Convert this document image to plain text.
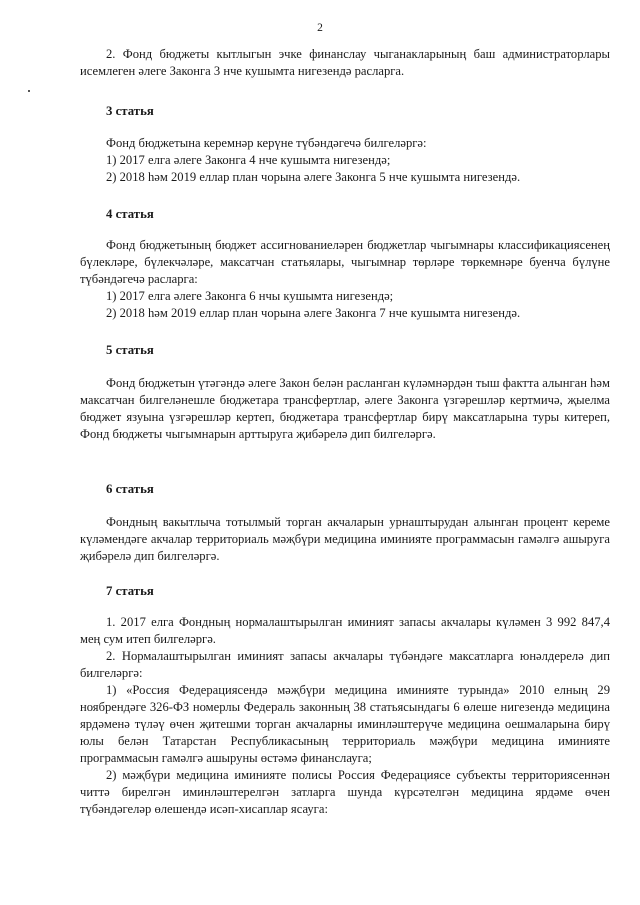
2

2. Фонд бюджеты кытлыгын эчке финанслау чыганакларының баш администраторлары исемлеген әлеге Законга 3 нче кушымта нигезендә расларга.

3 статья

Фонд бюджетына керемнәр керүне түбәндәгечә билгеләргә:

1) 2017 елга әлеге Законга 4 нче кушымта нигезендә;

2) 2018 һәм 2019 еллар план чорына әлеге Законга 5 нче кушымта нигезендә.

4 статья

Фонд бюджетының бюджет ассигнованиеләрен бюджетлар чыгымнары классификациясенең бүлекләре, бүлекчәләре, максатчан статьялары, чыгымнар төрләре төркемнәре буенча бүлүне түбәндәгечә расларга:

1) 2017 елга әлеге Законга 6 нчы кушымта нигезендә;

2) 2018 һәм 2019 еллар план чорына әлеге Законга 7 нче кушымта нигезендә.

5 статья

Фонд бюджетын үтәгәндә әлеге Закон белән расланган күләмнәрдән тыш фактта алынган һәм максатчан билгеләнешле бюджетара трансфертлар, әлеге Законга үзгәрешләр кертмичә, җыелма бюджет язуына үзгәрешләр кертеп, бюджетара трансфертлар бирү максатларына туры китереп, Фонд бюджеты чыгымнарын арттыруга җибәрелә дип билгеләргә.

6 статья

Фондның вакытлыча тотылмый торган акчаларын урнаштырудан алынган процент кереме күләмендәге акчалар территориаль мәҗбүри медицина иминияте программасын гамәлгә ашыруга җибәрелә дип билгеләргә.

7 статья

1. 2017 елга Фондның нормалаштырылган иминият запасы акчалары күләмен 3 992 847,4 мең сум итеп билгеләргә.

2. Нормалаштырылган иминият запасы акчалары түбәндәге максатларга юнәлдерелә дип билгеләргә:

1) «Россия Федерациясендә мәҗбүри медицина иминияте турында» 2010 елның 29 ноябрендәге 326-ФЗ номерлы Федераль законның 38 статьясындагы 6 өлеше нигезендә медицина ярдәменә түләү өчен җитешми торган акчаларны иминләштерүче медицина оешмаларына бирү юлы белән Татарстан Республикасының территориаль мәҗбүри медицина иминияте программасын гамәлгә ашыруны өстәмә финанслауга;

2) мәҗбүри медицина иминияте полисы Россия Федерациясе субъекты территориясеннән читтә бирелгән иминләштерелгән затларга шунда күрсәтелгән медицина ярдәме өчен түбәндәгеләр өлешендә исәп-хисаплар ясауга:
